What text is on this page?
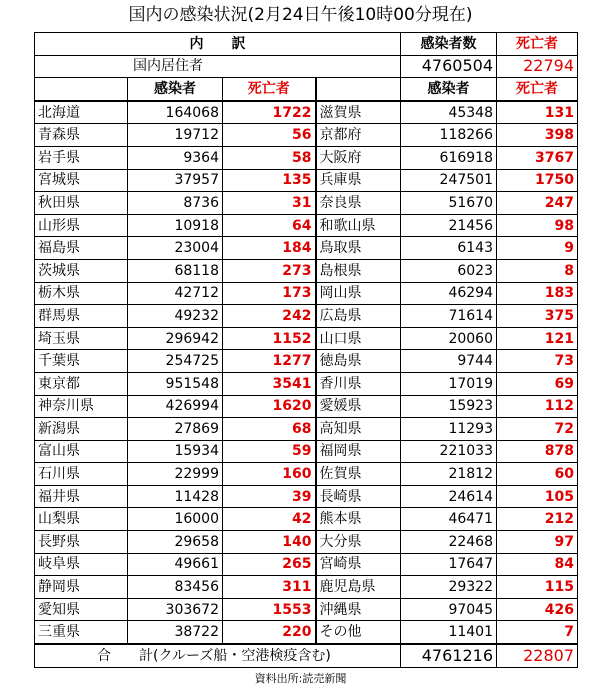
国内の感染状況(2月24日午後10時00分現在)
内　　訳				感染者数	死亡者
国内居住者				4760504	22794
	感染者	死亡者		感染者	死亡者
北海道	164068	1722	滋賀県	45348	131
青森県	19712	56	京都府	118266	398
岩手県	9364	58	大阪府	616918	3767
宮城県	37957	135	兵庫県	247501	1750
秋田県	8736	31	奈良県	51670	247
山形県	10918	64	和歌山県	21456	98
福島県	23004	184	鳥取県	6143	9
茨城県	68118	273	島根県	6023	8
栃木県	42712	173	岡山県	46294	183
群馬県	49232	242	広島県	71614	375
埼玉県	296942	1152	山口県	20060	121
千葉県	254725	1277	徳島県	9744	73
東京都	951548	3541	香川県	17019	69
神奈川県	426994	1620	愛媛県	15923	112
新潟県	27869	68	高知県	11293	72
富山県	15934	59	福岡県	221033	878
石川県	22999	160	佐賀県	21812	60
福井県	11428	39	長崎県	24614	105
山梨県	16000	42	熊本県	46471	212
長野県	29658	140	大分県	22468	97
岐阜県	49661	265	宮崎県	17647	84
静岡県	83456	311	鹿児島県	29322	115
愛知県	303672	1553	沖縄県	97045	426
三重県	38722	220	その他	11401	7
合　　計(クルーズ船・空港検疫含む)				4761216	22807
資料出所:読売新聞
